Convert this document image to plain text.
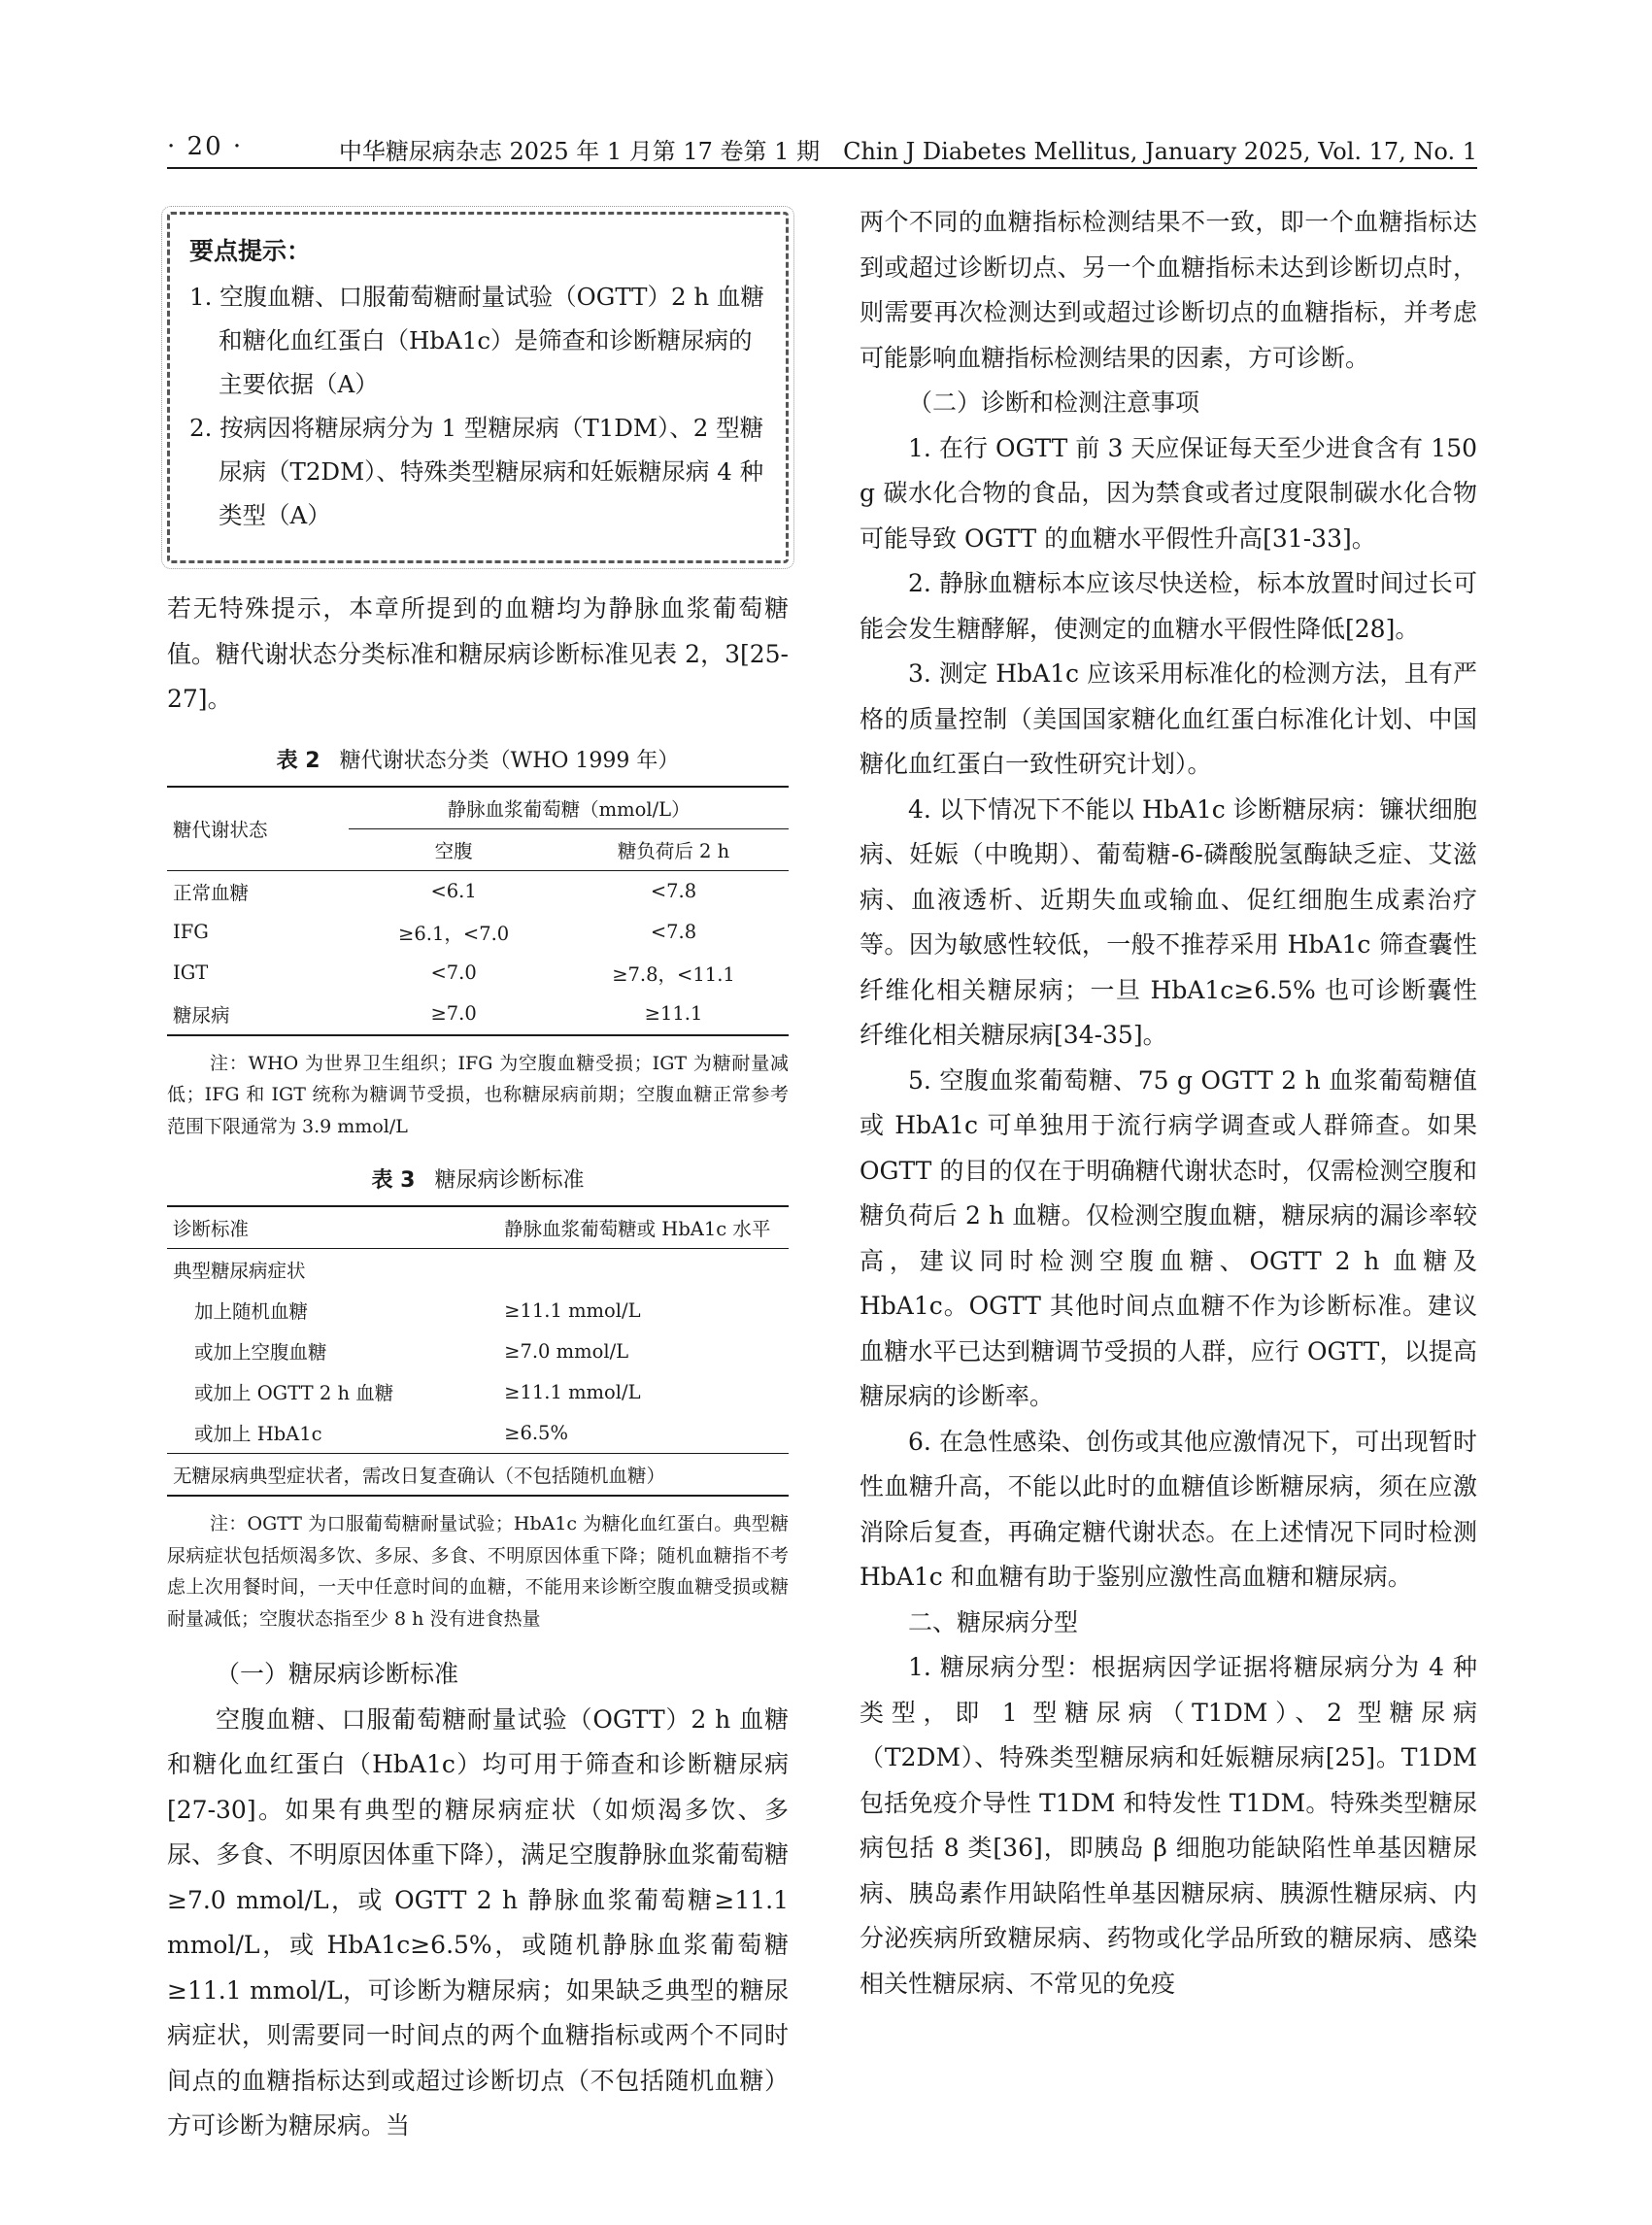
· 20 ·	中华糖尿病杂志 2025 年 1 月第 17 卷第 1 期　Chin J Diabetes Mellitus, January 2025, Vol. 17, No. 1
要点提示：
1. 空腹血糖、口服葡萄糖耐量试验（OGTT）2 h 血糖和糖化血红蛋白（HbA1c）是筛查和诊断糖尿病的主要依据（A）
2. 按病因将糖尿病分为 1 型糖尿病（T1DM）、2 型糖尿病（T2DM）、特殊类型糖尿病和妊娠糖尿病 4 种类型（A）

若无特殊提示，本章所提到的血糖均为静脉血浆葡萄糖值。糖代谢状态分类标准和糖尿病诊断标准见表 2，3[25-27]。

表 2 糖代谢状态分类（WHO 1999 年）
糖代谢状态	静脉血浆葡萄糖（mmol/L）	
	空腹	糖负荷后 2 h
正常血糖	<6.1	<7.8
IFG	≥6.1，<7.0	<7.8
IGT	<7.0	≥7.8，<11.1
糖尿病	≥7.0	≥11.1

注：WHO 为世界卫生组织；IFG 为空腹血糖受损；IGT 为糖耐量减低；IFG 和 IGT 统称为糖调节受损，也称糖尿病前期；空腹血糖正常参考范围下限通常为 3.9 mmol/L

表 3 糖尿病诊断标准
诊断标准	静脉血浆葡萄糖或 HbA1c 水平
典型糖尿病症状	
加上随机血糖	≥11.1 mmol/L
或加上空腹血糖	≥7.0 mmol/L
或加上 OGTT 2 h 血糖	≥11.1 mmol/L
或加上 HbA1c	≥6.5%
无糖尿病典型症状者，需改日复查确认（不包括随机血糖）	

注：OGTT 为口服葡萄糖耐量试验；HbA1c 为糖化血红蛋白。典型糖尿病症状包括烦渴多饮、多尿、多食、不明原因体重下降；随机血糖指不考虑上次用餐时间，一天中任意时间的血糖，不能用来诊断空腹血糖受损或糖耐量减低；空腹状态指至少 8 h 没有进食热量

（一）糖尿病诊断标准

空腹血糖、口服葡萄糖耐量试验（OGTT）2 h 血糖和糖化血红蛋白（HbA1c）均可用于筛查和诊断糖尿病[27-30]。如果有典型的糖尿病症状（如烦渴多饮、多尿、多食、不明原因体重下降），满足空腹静脉血浆葡萄糖≥7.0 mmol/L，或 OGTT 2 h 静脉血浆葡萄糖≥11.1 mmol/L，或 HbA1c≥6.5%，或随机静脉血浆葡萄糖≥11.1 mmol/L，可诊断为糖尿病；如果缺乏典型的糖尿病症状，则需要同一时间点的两个血糖指标或两个不同时间点的血糖指标达到或超过诊断切点（不包括随机血糖）方可诊断为糖尿病。当

两个不同的血糖指标检测结果不一致，即一个血糖指标达到或超过诊断切点、另一个血糖指标未达到诊断切点时，则需要再次检测达到或超过诊断切点的血糖指标，并考虑可能影响血糖指标检测结果的因素，方可诊断。

（二）诊断和检测注意事项

1. 在行 OGTT 前 3 天应保证每天至少进食含有 150 g 碳水化合物的食品，因为禁食或者过度限制碳水化合物可能导致 OGTT 的血糖水平假性升高[31-33]。

2. 静脉血糖标本应该尽快送检，标本放置时间过长可能会发生糖酵解，使测定的血糖水平假性降低[28]。

3. 测定 HbA1c 应该采用标准化的检测方法，且有严格的质量控制（美国国家糖化血红蛋白标准化计划、中国糖化血红蛋白一致性研究计划）。

4. 以下情况下不能以 HbA1c 诊断糖尿病：镰状细胞病、妊娠（中晚期）、葡萄糖-6-磷酸脱氢酶缺乏症、艾滋病、血液透析、近期失血或输血、促红细胞生成素治疗等。因为敏感性较低，一般不推荐采用 HbA1c 筛查囊性纤维化相关糖尿病；一旦 HbA1c≥6.5% 也可诊断囊性纤维化相关糖尿病[34-35]。

5. 空腹血浆葡萄糖、75 g OGTT 2 h 血浆葡萄糖值或 HbA1c 可单独用于流行病学调查或人群筛查。如果 OGTT 的目的仅在于明确糖代谢状态时，仅需检测空腹和糖负荷后 2 h 血糖。仅检测空腹血糖，糖尿病的漏诊率较高，建议同时检测空腹血糖、OGTT 2 h 血糖及 HbA1c。OGTT 其他时间点血糖不作为诊断标准。建议血糖水平已达到糖调节受损的人群，应行 OGTT，以提高糖尿病的诊断率。

6. 在急性感染、创伤或其他应激情况下，可出现暂时性血糖升高，不能以此时的血糖值诊断糖尿病，须在应激消除后复查，再确定糖代谢状态。在上述情况下同时检测 HbA1c 和血糖有助于鉴别应激性高血糖和糖尿病。

二、糖尿病分型

1. 糖尿病分型：根据病因学证据将糖尿病分为 4 种类型，即 1 型糖尿病（T1DM）、2 型糖尿病（T2DM）、特殊类型糖尿病和妊娠糖尿病[25]。T1DM 包括免疫介导性 T1DM 和特发性 T1DM。特殊类型糖尿病包括 8 类[36]，即胰岛 β 细胞功能缺陷性单基因糖尿病、胰岛素作用缺陷性单基因糖尿病、胰源性糖尿病、内分泌疾病所致糖尿病、药物或化学品所致的糖尿病、感染相关性糖尿病、不常见的免疫
